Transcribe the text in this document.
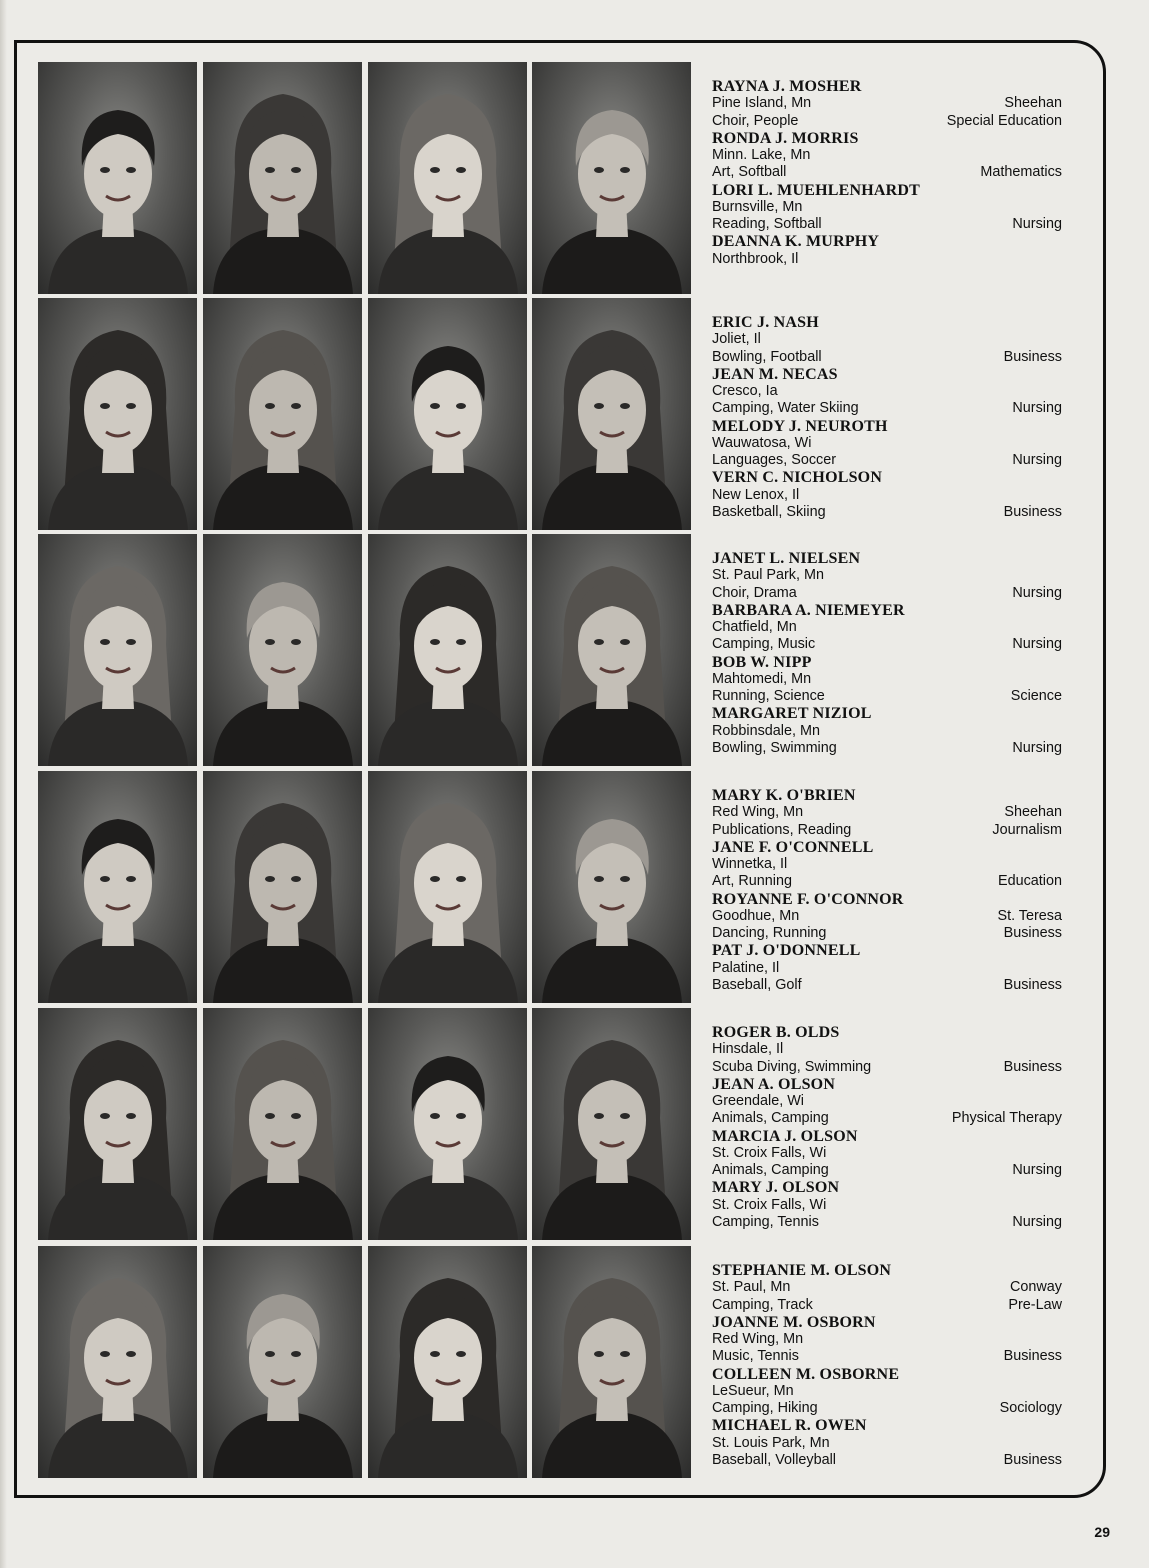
RAYNA J. MOSHER
Pine Island, Mn	Sheehan
Choir, People	Special Education
RONDA J. MORRIS
Minn. Lake, Mn
Art, Softball	Mathematics
LORI L. MUEHLENHARDT
Burnsville, Mn
Reading, Softball	Nursing
DEANNA K. MURPHY
Northbrook, Il
ERIC J. NASH
Joliet, Il
Bowling, Football	Business
JEAN M. NECAS
Cresco, Ia
Camping, Water Skiing	Nursing
MELODY J. NEUROTH
Wauwatosa, Wi
Languages, Soccer	Nursing
VERN C. NICHOLSON
New Lenox, Il
Basketball, Skiing	Business
JANET L. NIELSEN
St. Paul Park, Mn
Choir, Drama	Nursing
BARBARA A. NIEMEYER
Chatfield, Mn
Camping, Music	Nursing
BOB W. NIPP
Mahtomedi, Mn
Running, Science	Science
MARGARET NIZIOL
Robbinsdale, Mn
Bowling, Swimming	Nursing
MARY K. O'BRIEN
Red Wing, Mn	Sheehan
Publications, Reading	Journalism
JANE F. O'CONNELL
Winnetka, Il
Art, Running	Education
ROYANNE F. O'CONNOR
Goodhue, Mn	St. Teresa
Dancing, Running	Business
PAT J. O'DONNELL
Palatine, Il
Baseball, Golf	Business
ROGER B. OLDS
Hinsdale, Il
Scuba Diving, Swimming	Business
JEAN A. OLSON
Greendale, Wi
Animals, Camping	Physical Therapy
MARCIA J. OLSON
St. Croix Falls, Wi
Animals, Camping	Nursing
MARY J. OLSON
St. Croix Falls, Wi
Camping, Tennis	Nursing
STEPHANIE M. OLSON
St. Paul, Mn	Conway
Camping, Track	Pre-Law
JOANNE M. OSBORN
Red Wing, Mn
Music, Tennis	Business
COLLEEN M. OSBORNE
LeSueur, Mn
Camping, Hiking	Sociology
MICHAEL R. OWEN
St. Louis Park, Mn
Baseball, Volleyball	Business
29
